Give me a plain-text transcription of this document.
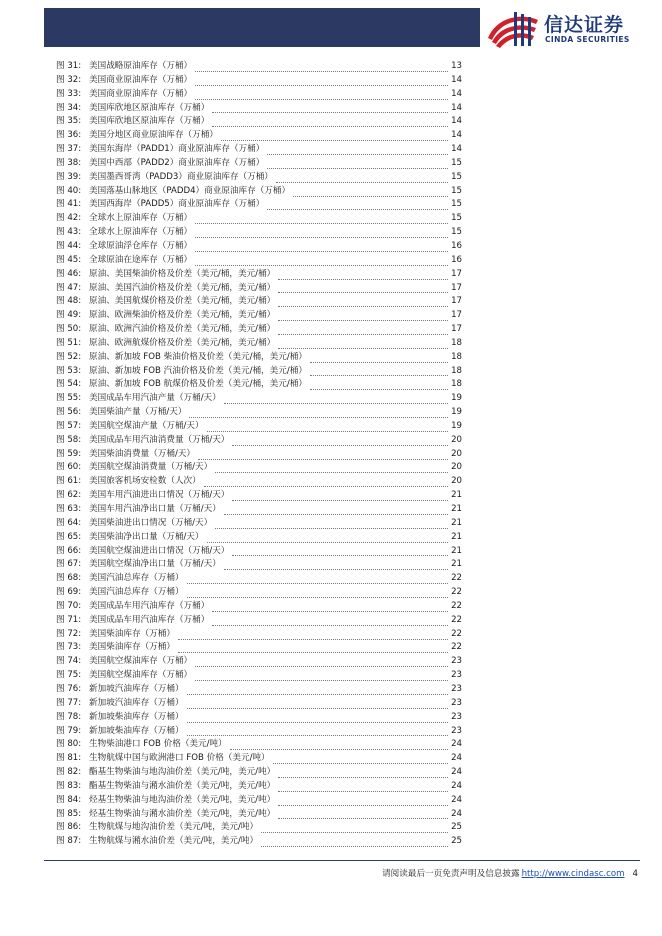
信达证券
CINDA SECURITIES
图 31: 美国战略原油库存（万桶）	13
图 32: 美国商业原油库存（万桶）	14
图 33: 美国商业原油库存（万桶）	14
图 34: 美国库欣地区原油库存（万桶）	14
图 35: 美国库欣地区原油库存（万桶）	14
图 36: 美国分地区商业原油库存（万桶）	14
图 37: 美国东海岸（PADD1）商业原油库存（万桶）	14
图 38: 美国中西部（PADD2）商业原油库存（万桶）	15
图 39: 美国墨西哥湾（PADD3）商业原油库存（万桶）	15
图 40: 美国落基山脉地区（PADD4）商业原油库存（万桶）	15
图 41: 美国西海岸（PADD5）商业原油库存（万桶）	15
图 42: 全球水上原油库存（万桶）	15
图 43: 全球水上原油库存（万桶）	15
图 44: 全球原油浮仓库存（万桶）	16
图 45: 全球原油在途库存（万桶）	16
图 46: 原油、美国柴油价格及价差（美元/桶，美元/桶）	17
图 47: 原油、美国汽油价格及价差（美元/桶，美元/桶）	17
图 48: 原油、美国航煤价格及价差（美元/桶，美元/桶）	17
图 49: 原油、欧洲柴油价格及价差（美元/桶，美元/桶）	17
图 50: 原油、欧洲汽油价格及价差（美元/桶，美元/桶）	17
图 51: 原油、欧洲航煤价格及价差（美元/桶，美元/桶）	18
图 52: 原油、新加坡 FOB 柴油价格及价差（美元/桶，美元/桶）	18
图 53: 原油、新加坡 FOB 汽油价格及价差（美元/桶，美元/桶）	18
图 54: 原油、新加坡 FOB 航煤价格及价差（美元/桶，美元/桶）	18
图 55: 美国成品车用汽油产量（万桶/天）	19
图 56: 美国柴油产量（万桶/天）	19
图 57: 美国航空煤油产量（万桶/天）	19
图 58: 美国成品车用汽油消费量（万桶/天）	20
图 59: 美国柴油消费量（万桶/天）	20
图 60: 美国航空煤油消费量（万桶/天）	20
图 61: 美国旅客机场安检数（人次）	20
图 62: 美国车用汽油进出口情况（万桶/天）	21
图 63: 美国车用汽油净出口量（万桶/天）	21
图 64: 美国柴油进出口情况（万桶/天）	21
图 65: 美国柴油净出口量（万桶/天）	21
图 66: 美国航空煤油进出口情况（万桶/天）	21
图 67: 美国航空煤油净出口量（万桶/天）	21
图 68: 美国汽油总库存（万桶）	22
图 69: 美国汽油总库存（万桶）	22
图 70: 美国成品车用汽油库存（万桶）	22
图 71: 美国成品车用汽油库存（万桶）	22
图 72: 美国柴油库存（万桶）	22
图 73: 美国柴油库存（万桶）	22
图 74: 美国航空煤油库存（万桶）	23
图 75: 美国航空煤油库存（万桶）	23
图 76: 新加坡汽油库存（万桶）	23
图 77: 新加坡汽油库存（万桶）	23
图 78: 新加坡柴油库存（万桶）	23
图 79: 新加坡柴油库存（万桶）	23
图 80: 生物柴油港口 FOB 价格（美元/吨）	24
图 81: 生物航煤中国与欧洲港口 FOB 价格（美元/吨）	24
图 82: 酯基生物柴油与地沟油价差（美元/吨，美元/吨）	24
图 83: 酯基生物柴油与潲水油价差（美元/吨，美元/吨）	24
图 84: 烃基生物柴油与地沟油价差（美元/吨，美元/吨）	24
图 85: 烃基生物柴油与潲水油价差（美元/吨，美元/吨）	24
图 86: 生物航煤与地沟油价差（美元/吨，美元/吨）	25
图 87: 生物航煤与潲水油价差（美元/吨，美元/吨）	25
请阅读最后一页免责声明及信息披露 http://www.cindasc.com 4
